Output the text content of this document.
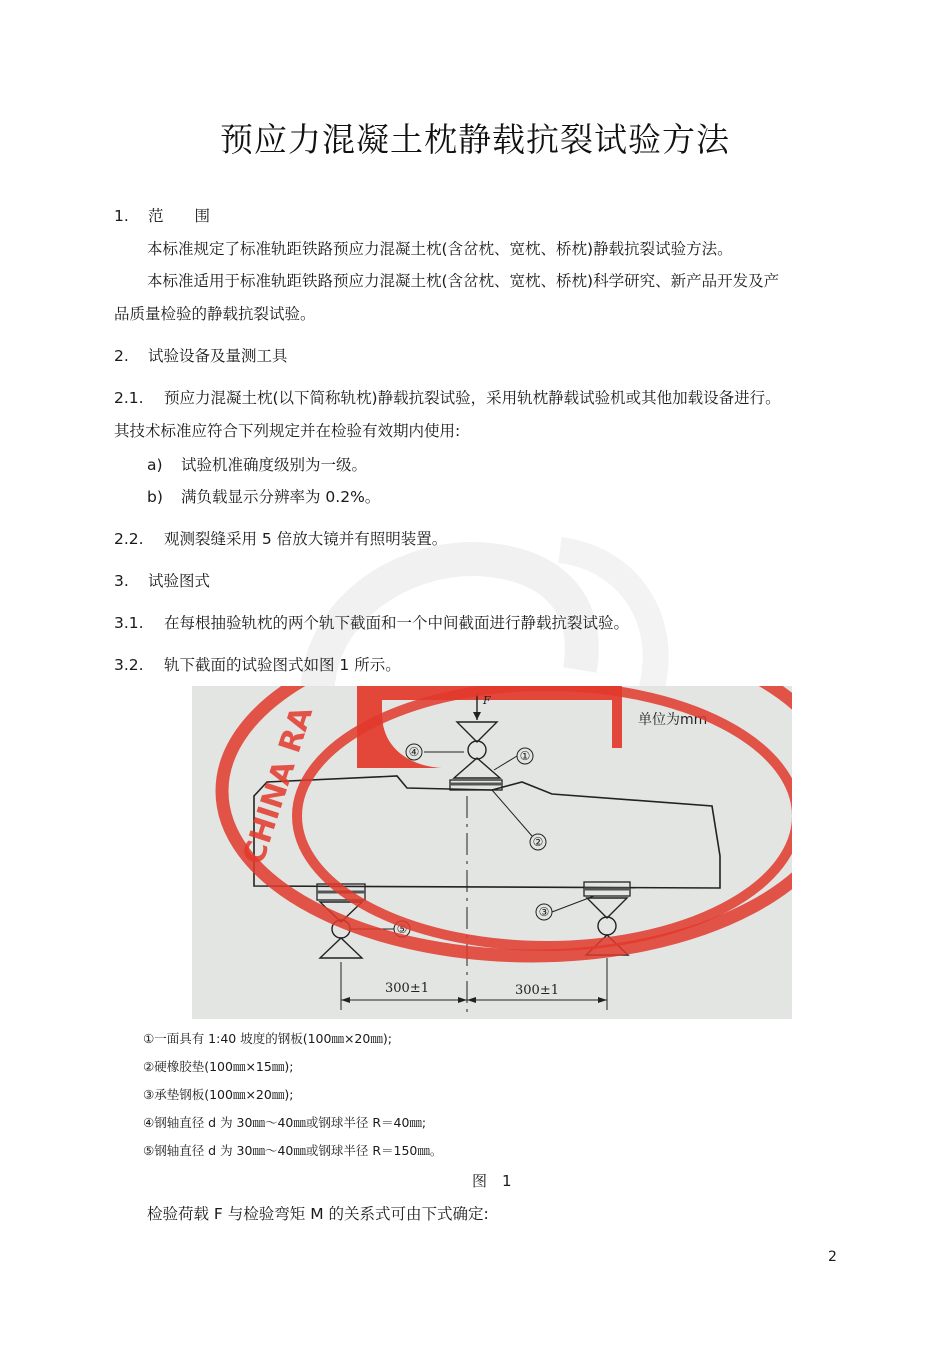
预应力混凝土枕静载抗裂试验方法
1. 范　　围
本标准规定了标准轨距铁路预应力混凝土枕(含岔枕、宽枕、桥枕)静载抗裂试验方法。
本标准适用于标准轨距铁路预应力混凝土枕(含岔枕、宽枕、桥枕)科学研究、新产品开发及产
品质量检验的静载抗裂试验。
2. 试验设备及量测工具
2.1. 预应力混凝土枕(以下简称轨枕)静载抗裂试验，采用轨枕静载试验机或其他加载设备进行。
其技术标准应符合下列规定并在检验有效期内使用:
a) 试验机准确度级别为一级。
b) 满负载显示分辨率为 0.2%。
2.2. 观测裂缝采用 5 倍放大镜并有照明装置。
3. 试验图式
3.1. 在每根抽验轨枕的两个轨下截面和一个中间截面进行静载抗裂试验。
3.2. 轨下截面的试验图式如图 1 所示。
F
④	①
②
③
⑤
300±1	300±1
单位为mm
CHINA RA
①一面具有 1:40 坡度的钢板(100㎜×20㎜);
②硬橡胶垫(100㎜×15㎜);
③承垫钢板(100㎜×20㎜);
④钢轴直径 d 为 30㎜～40㎜或钢球半径 R＝40㎜;
⑤钢轴直径 d 为 30㎜～40㎜或钢球半径 R＝150㎜。
图　1
检验荷载 F 与检验弯矩 M 的关系式可由下式确定:
2
